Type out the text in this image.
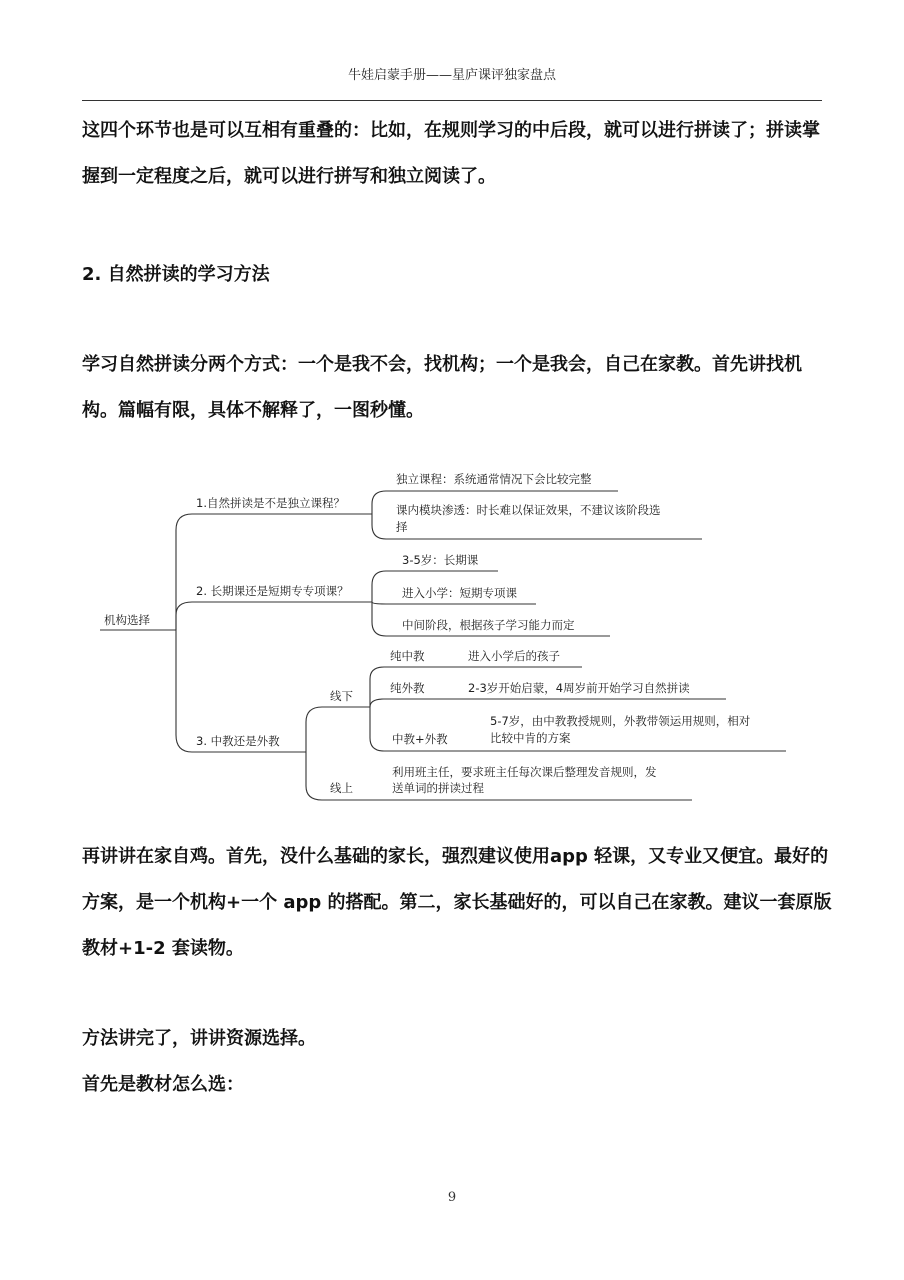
牛娃启蒙手册——星庐课评独家盘点
这四个环节也是可以互相有重叠的：比如，在规则学习的中后段，就可以进行拼读了；拼读掌握到一定程度之后，就可以进行拼写和独立阅读了。
2. 自然拼读的学习方法
学习自然拼读分两个方式：一个是我不会，找机构；一个是我会，自己在家教。首先讲找机构。篇幅有限，具体不解释了，一图秒懂。
机构选择
1.自然拼读是不是独立课程？
独立课程：系统通常情况下会比较完整
课内模块渗透：时长难以保证效果，不建议该阶段选
择
2. 长期课还是短期专专项课？
3-5岁：长期课
进入小学：短期专项课
中间阶段，根据孩子学习能力而定
3. 中教还是外教
线下
纯中教	进入小学后的孩子
纯外教	2-3岁开始启蒙，4周岁前开始学习自然拼读
中教+外教
5-7岁，由中教教授规则，外教带领运用规则，相对
比较中肯的方案
线上
利用班主任，要求班主任每次课后整理发音规则，发
送单词的拼读过程
再讲讲在家自鸡。首先，没什么基础的家长，强烈建议使用app 轻课，又专业又便宜。最好的方案，是一个机构+一个 app 的搭配。第二，家长基础好的，可以自己在家教。建议一套原版教材+1-2 套读物。
方法讲完了，讲讲资源选择。
首先是教材怎么选：
9
